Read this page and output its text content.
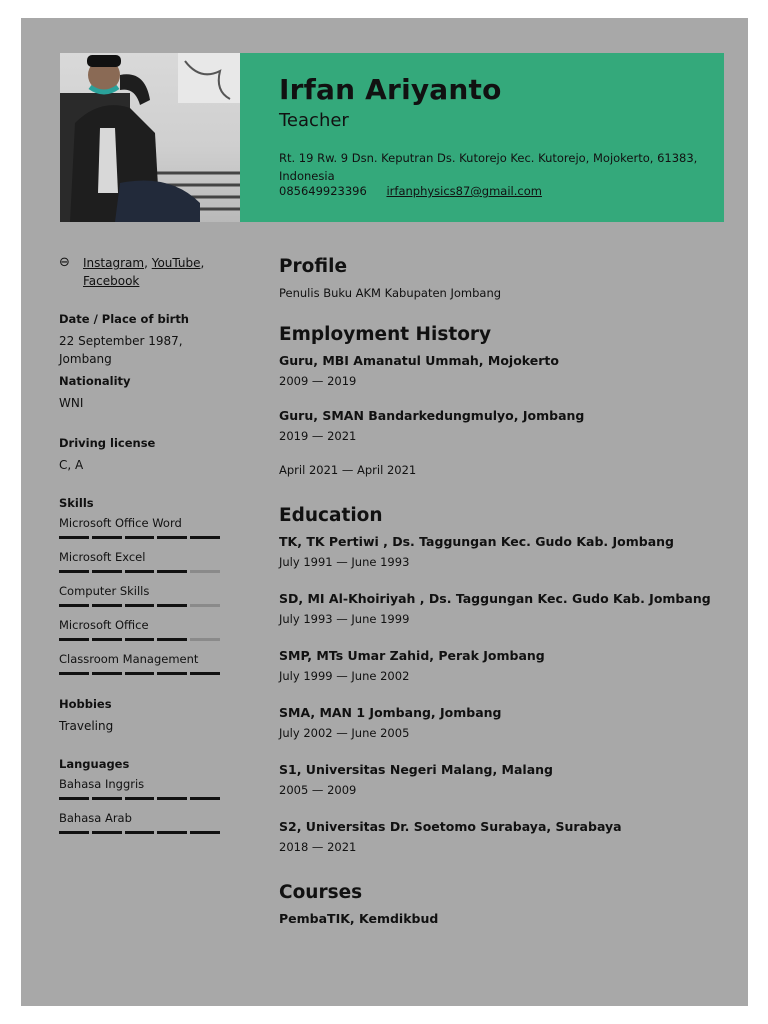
Irfan Ariyanto
Teacher
Rt. 19 Rw. 9 Dsn. Keputran Ds. Kutorejo Kec. Kutorejo, Mojokerto, 61383, Indonesia
085649923396 irfanphysics87@gmail.com
⊖ Instagram, YouTube, Facebook
Date / Place of birth
22 September 1987, Jombang
Nationality
WNI
Driving license
C, A
Skills
Microsoft Office Word
Microsoft Excel
Computer Skills
Microsoft Office
Classroom Management
Hobbies
Traveling
Languages
Bahasa Inggris
Bahasa Arab
Profile
Penulis Buku AKM Kabupaten Jombang
Employment History
Guru, MBI Amanatul Ummah, Mojokerto
2009 — 2019
Guru, SMAN Bandarkedungmulyo, Jombang
2019 — 2021
April 2021 — April 2021
Education
TK, TK Pertiwi , Ds. Taggungan Kec. Gudo Kab. Jombang
July 1991 — June 1993
SD, MI Al-Khoiriyah , Ds. Taggungan Kec. Gudo Kab. Jombang
July 1993 — June 1999
SMP, MTs Umar Zahid, Perak Jombang
July 1999 — June 2002
SMA, MAN 1 Jombang, Jombang
July 2002 — June 2005
S1, Universitas Negeri Malang, Malang
2005 — 2009
S2, Universitas Dr. Soetomo Surabaya, Surabaya
2018 — 2021
Courses
PembaTIK, Kemdikbud
